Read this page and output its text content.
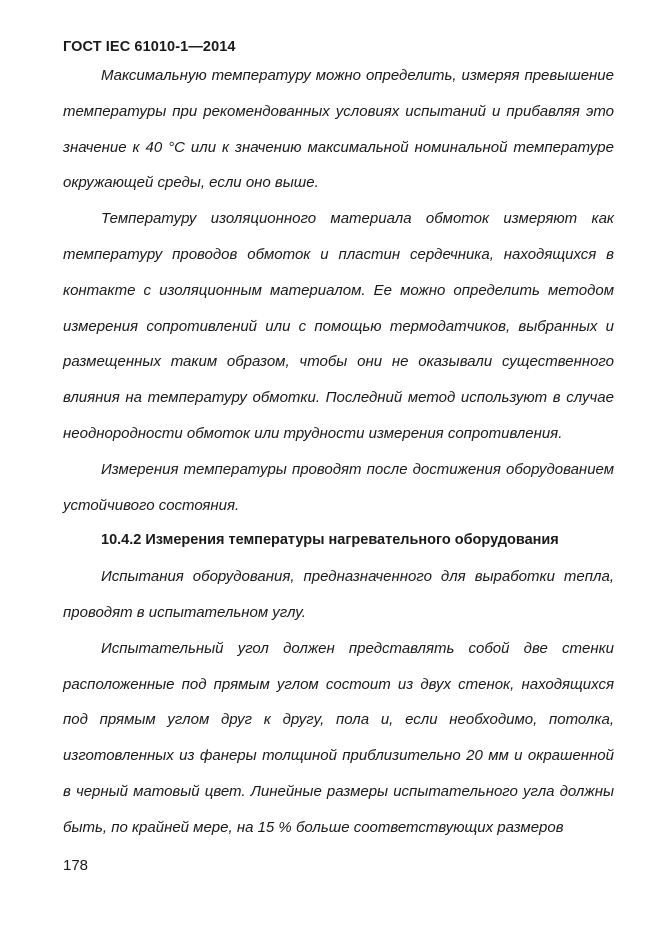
ГОСТ IEC 61010-1—2014

Максимальную температуру можно определить, измеряя превышение температуры при рекомендованных условиях испытаний и прибавляя это значение к 40 °С или к значению максимальной номинальной температуре окружающей среды, если оно выше.

Температуру изоляционного материала обмоток измеряют как температуру проводов обмоток и пластин сердечника, находящихся в контакте с изоляционным материалом. Ее можно определить методом измерения сопротивлений или с помощью термодатчиков, выбранных и размещенных таким образом, чтобы они не оказывали существенного влияния на температуру обмотки. Последний метод используют в случае неоднородности обмоток или трудности измерения сопротивления.

Измерения температуры проводят после достижения оборудованием устойчивого состояния.

10.4.2 Измерения температуры нагревательного оборудования

Испытания оборудования, предназначенного для выработки тепла, проводят в испытательном углу.

Испытательный угол должен представлять собой две стенки расположенные под прямым углом состоит из двух стенок, находящихся под прямым углом друг к другу, пола и, если необходимо, потолка, изготовленных из фанеры толщиной приблизительно 20 мм и окрашенной в черный матовый цвет. Линейные размеры испытательного угла должны быть, по крайней мере, на 15 % больше соответствующих размеров

178
